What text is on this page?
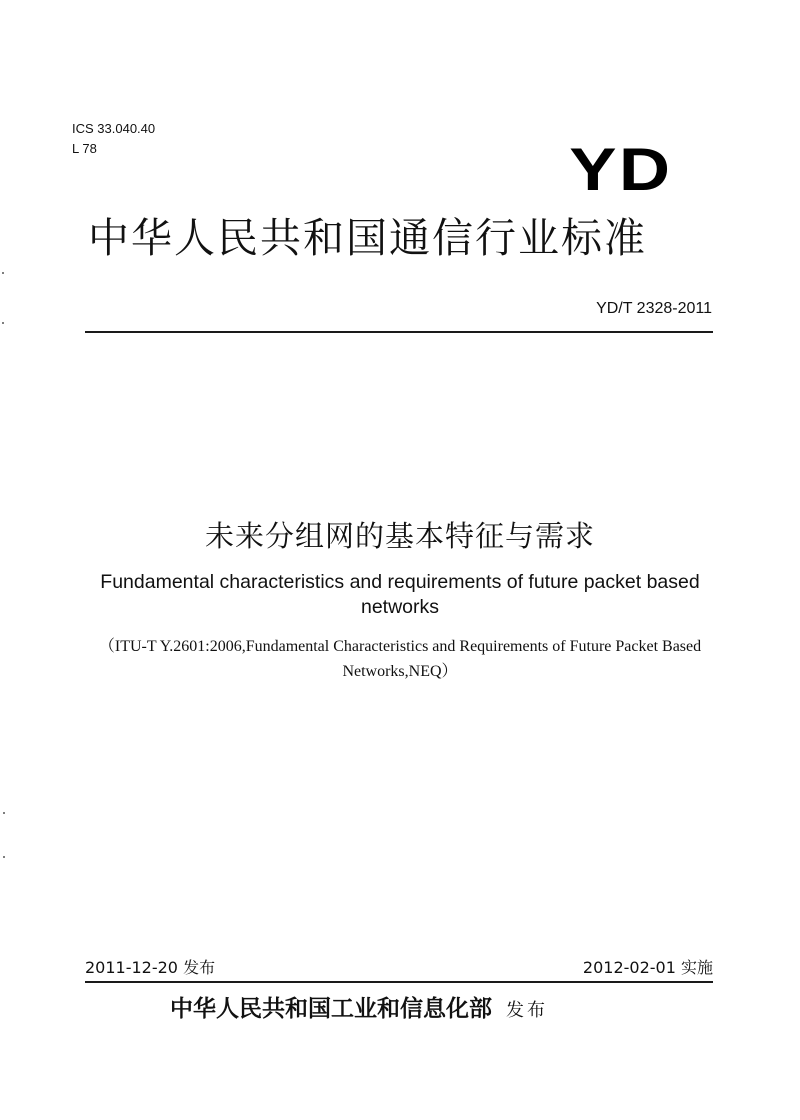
ICS 33.040.40
L 78	YD
中华人民共和国通信行业标准
YD/T 2328-2011
未来分组网的基本特征与需求
Fundamental characteristics and requirements of future packet based networks
（ITU-T Y.2601:2006,Fundamental Characteristics and Requirements of Future Packet Based Networks,NEQ）
2011-12-20 发布	2012-02-01 实施
中华人民共和国工业和信息化部 发布
